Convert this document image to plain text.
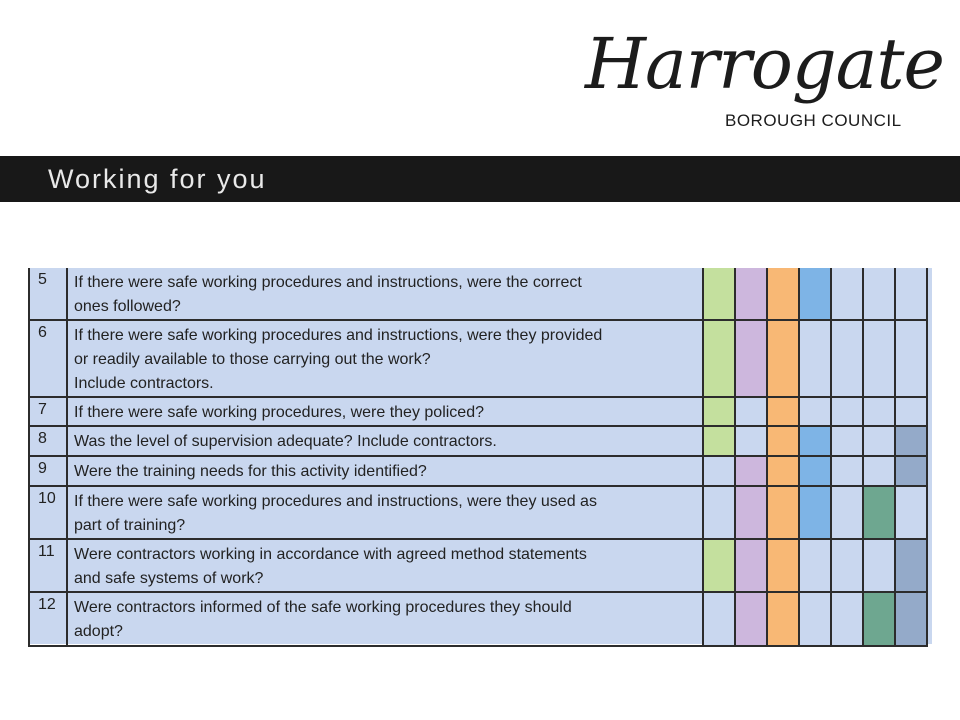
Harrogate
BOROUGH COUNCIL
Working for you
5	If there were safe working procedures and instructions, were the correct
ones followed?							

6	If there were safe working procedures and instructions, were they provided
or readily available to those carrying out the work?
Include contractors.							

7	If there were safe working procedures, were they policed?							

8	Was the level of supervision adequate? Include contractors.							

9	Were the training needs for this activity identified?							

10	If there were safe working procedures and instructions, were they used as
part of training?							

11	Were contractors working in accordance with agreed method statements
and safe systems of work?							

12	Were contractors informed of the safe working procedures they should
adopt?							
